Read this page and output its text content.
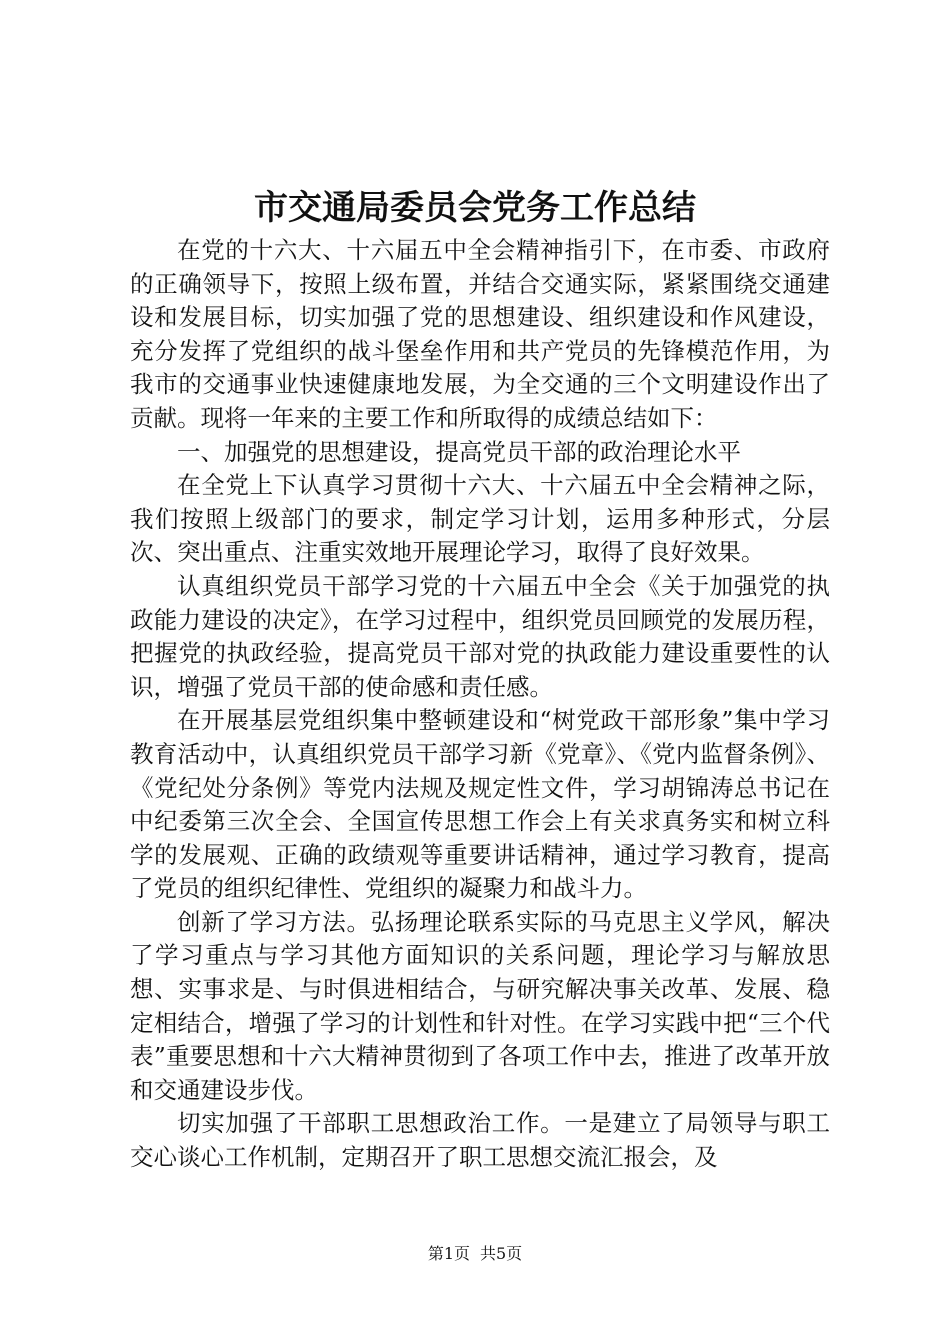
市交通局委员会党务工作总结

在党的十六大、十六届五中全会精神指引下，在市委、市政府的正确领导下，按照上级布置，并结合交通实际，紧紧围绕交通建设和发展目标，切实加强了党的思想建设、组织建设和作风建设，充分发挥了党组织的战斗堡垒作用和共产党员的先锋模范作用，为我市的交通事业快速健康地发展，为全交通的三个文明建设作出了贡献。现将一年来的主要工作和所取得的成绩总结如下：

一、加强党的思想建设，提高党员干部的政治理论水平

在全党上下认真学习贯彻十六大、十六届五中全会精神之际，我们按照上级部门的要求，制定学习计划，运用多种形式，分层次、突出重点、注重实效地开展理论学习，取得了良好效果。

认真组织党员干部学习党的十六届五中全会《关于加强党的执政能力建设的决定》，在学习过程中，组织党员回顾党的发展历程，把握党的执政经验，提高党员干部对党的执政能力建设重要性的认识，增强了党员干部的使命感和责任感。

在开展基层党组织集中整顿建设和“树党政干部形象”集中学习教育活动中，认真组织党员干部学习新《党章》、《党内监督条例》、《党纪处分条例》等党内法规及规定性文件，学习胡锦涛总书记在中纪委第三次全会、全国宣传思想工作会上有关求真务实和树立科学的发展观、正确的政绩观等重要讲话精神，通过学习教育，提高了党员的组织纪律性、党组织的凝聚力和战斗力。

创新了学习方法。弘扬理论联系实际的马克思主义学风，解决了学习重点与学习其他方面知识的关系问题，理论学习与解放思想、实事求是、与时俱进相结合，与研究解决事关改革、发展、稳定相结合，增强了学习的计划性和针对性。在学习实践中把“三个代表”重要思想和十六大精神贯彻到了各项工作中去，推进了改革开放和交通建设步伐。

切实加强了干部职工思想政治工作。一是建立了局领导与职工交心谈心工作机制，定期召开了职工思想交流汇报会，及

第1页 共5页
